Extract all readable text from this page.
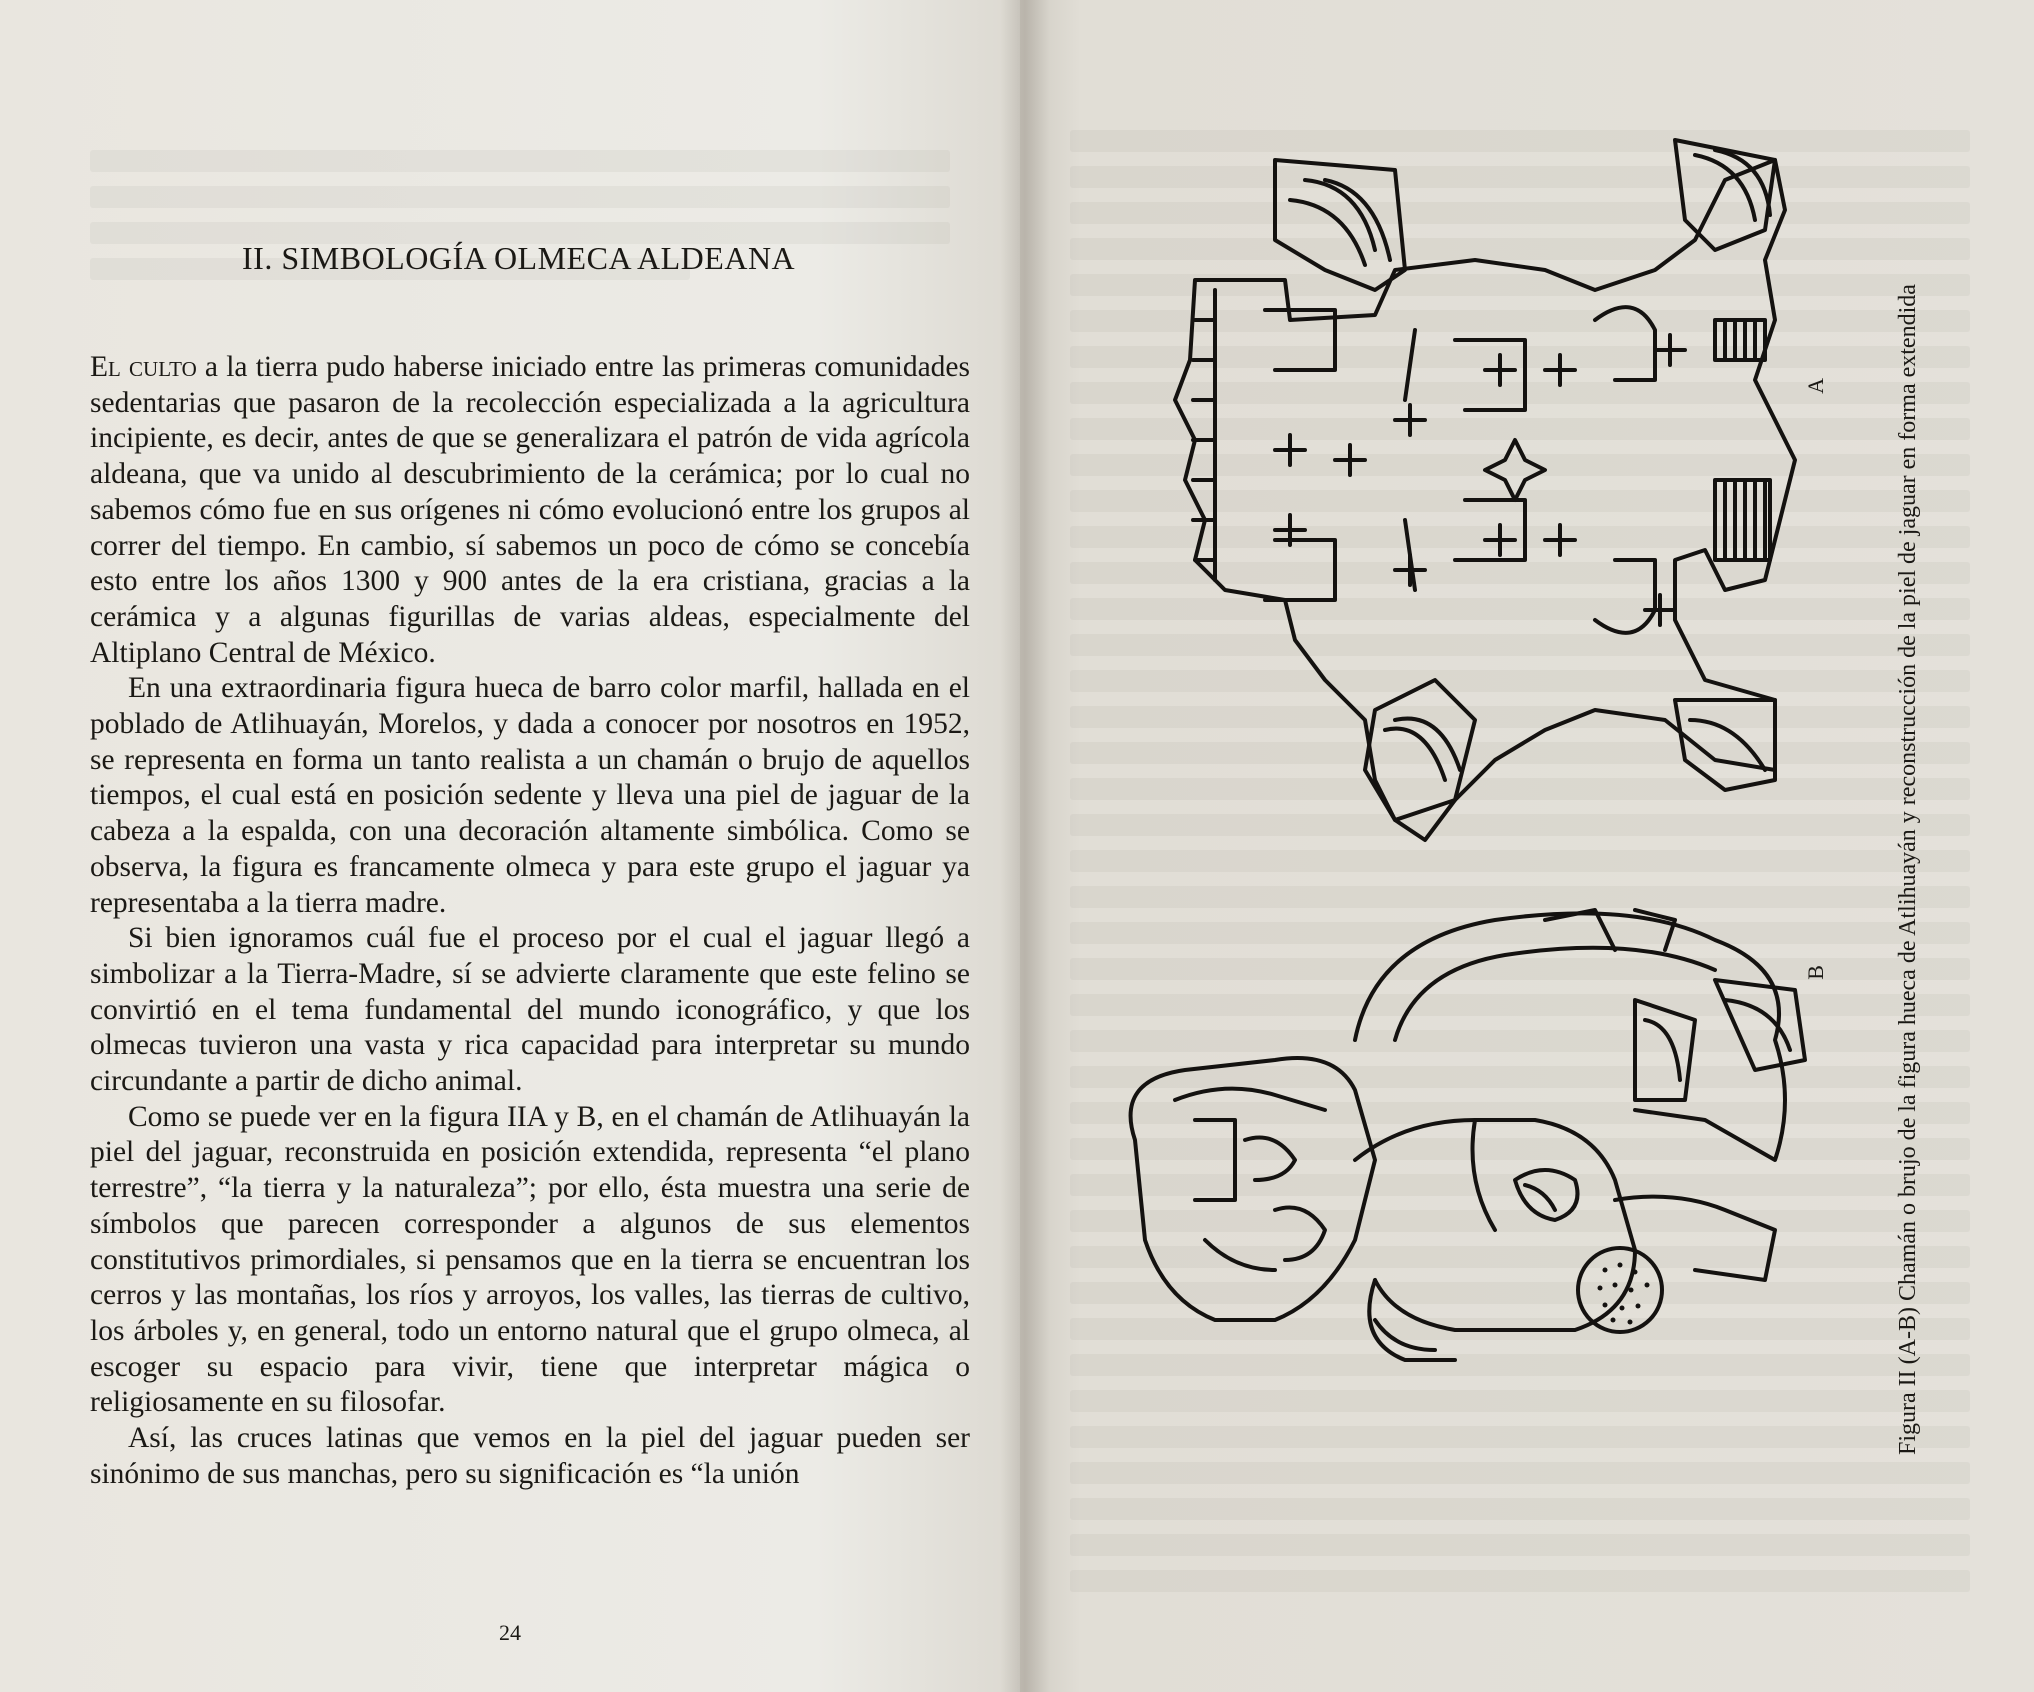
II. SIMBOLOGÍA OLMECA ALDEANA

El culto a la tierra pudo haberse iniciado entre las primeras comunidades sedentarias que pasaron de la recolección especializada a la agricultura incipiente, es decir, antes de que se generalizara el patrón de vida agrícola aldeana, que va unido al descubrimiento de la cerámica; por lo cual no sabemos cómo fue en sus orígenes ni cómo evolucionó entre los grupos al correr del tiempo. En cambio, sí sabemos un poco de cómo se concebía esto entre los años 1300 y 900 antes de la era cristiana, gracias a la cerámica y a algunas figurillas de varias aldeas, especialmente del Altiplano Central de México.

En una extraordinaria figura hueca de barro color marfil, hallada en el poblado de Atlihuayán, Morelos, y dada a conocer por nosotros en 1952, se representa en forma un tanto realista a un chamán o brujo de aquellos tiempos, el cual está en posición sedente y lleva una piel de jaguar de la cabeza a la espalda, con una decoración altamente simbólica. Como se observa, la figura es francamente olmeca y para este grupo el jaguar ya representaba a la tierra madre.

Si bien ignoramos cuál fue el proceso por el cual el jaguar llegó a simbolizar a la Tierra-Madre, sí se advierte claramente que este felino se convirtió en el tema fundamental del mundo iconográfico, y que los olmecas tuvieron una vasta y rica capacidad para interpretar su mundo circundante a partir de dicho animal.

Como se puede ver en la figura IIA y B, en el chamán de Atlihuayán la piel del jaguar, reconstruida en posición extendida, representa “el plano terrestre”, “la tierra y la naturaleza”; por ello, ésta muestra una serie de símbolos que parecen corresponder a algunos de sus elementos constitutivos primordiales, si pensamos que en la tierra se encuentran los cerros y las montañas, los ríos y arroyos, los valles, las tierras de cultivo, los árboles y, en general, todo un entorno natural que el grupo olmeca, al escoger su espacio para vivir, tiene que interpretar mágica o religiosamente en su filosofar.

Así, las cruces latinas que vemos en la piel del jaguar pueden ser sinónimo de sus manchas, pero su significación es “la unión

24
A
B	Figura II (A-B) Chamán o brujo de la figura hueca de Atlihuayán y reconstrucción de la piel de jaguar en forma extendida
